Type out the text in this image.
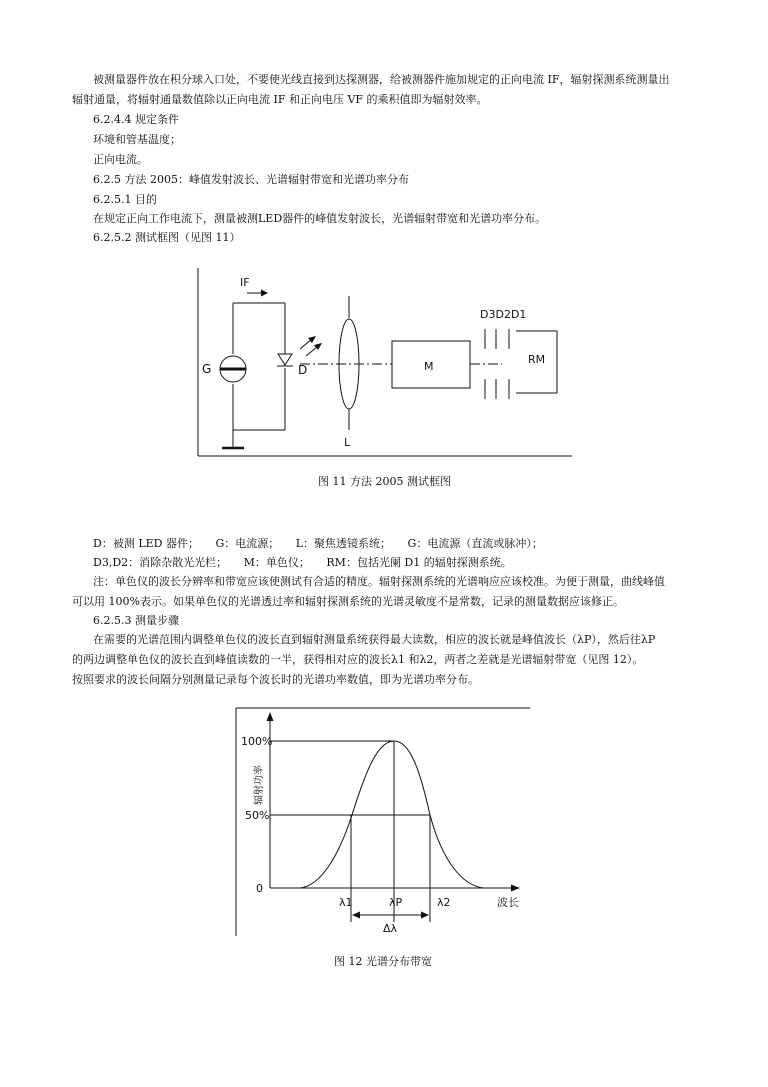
被测量器件放在积分球入口处，不要使光线直接到达探测器，给被测器件施加规定的正向电流 IF，辐射探测系统测量出
辐射通量，将辐射通量数值除以正向电流 IF 和正向电压 VF 的乘积值即为辐射效率。
6.2.4.4 规定条件
环境和管基温度；
正向电流。
6.2.5 方法 2005：峰值发射波长、光谱辐射带宽和光谱功率分布
6.2.5.1 目的
在规定正向工作电流下，测量被测LED器件的峰值发射波长，光谱辐射带宽和光谱功率分布。
6.2.5.2 测试框图（见图 11）
IF
G	D
L
M
RM
D3D2D1
图 11 方法 2005 测试框图
D：被测 LED 器件；　　G：电流源；　　L：聚焦透镜系统；　　G：电流源（直流或脉冲）；
D3,D2：消除杂散光光栏；　　M：单色仪；　　RM：包括光阑 D1 的辐射探测系统。
注：单色仪的波长分辨率和带宽应该使测试有合适的精度。辐射探测系统的光谱响应应该校准。为便于测量，曲线峰值
可以用 100%表示。如果单色仪的光谱透过率和辐射探测系统的光谱灵敏度不是常数，记录的测量数据应该修正。
6.2.5.3 测量步骤
在需要的光谱范围内调整单色仪的波长直到辐射测量系统获得最大读数，相应的波长就是峰值波长（λP），然后往λP
的两边调整单色仪的波长直到峰值读数的一半，获得相对应的波长λ1 和λ2，两者之差就是光谱辐射带宽（见图 12）。
按照要求的波长间隔分别测量记录每个波长时的光谱功率数值，即为光谱功率分布。
100%
50%
0
辐射功率
λ1	λP	λ2	波长
Δλ
图 12 光谱分布带宽
